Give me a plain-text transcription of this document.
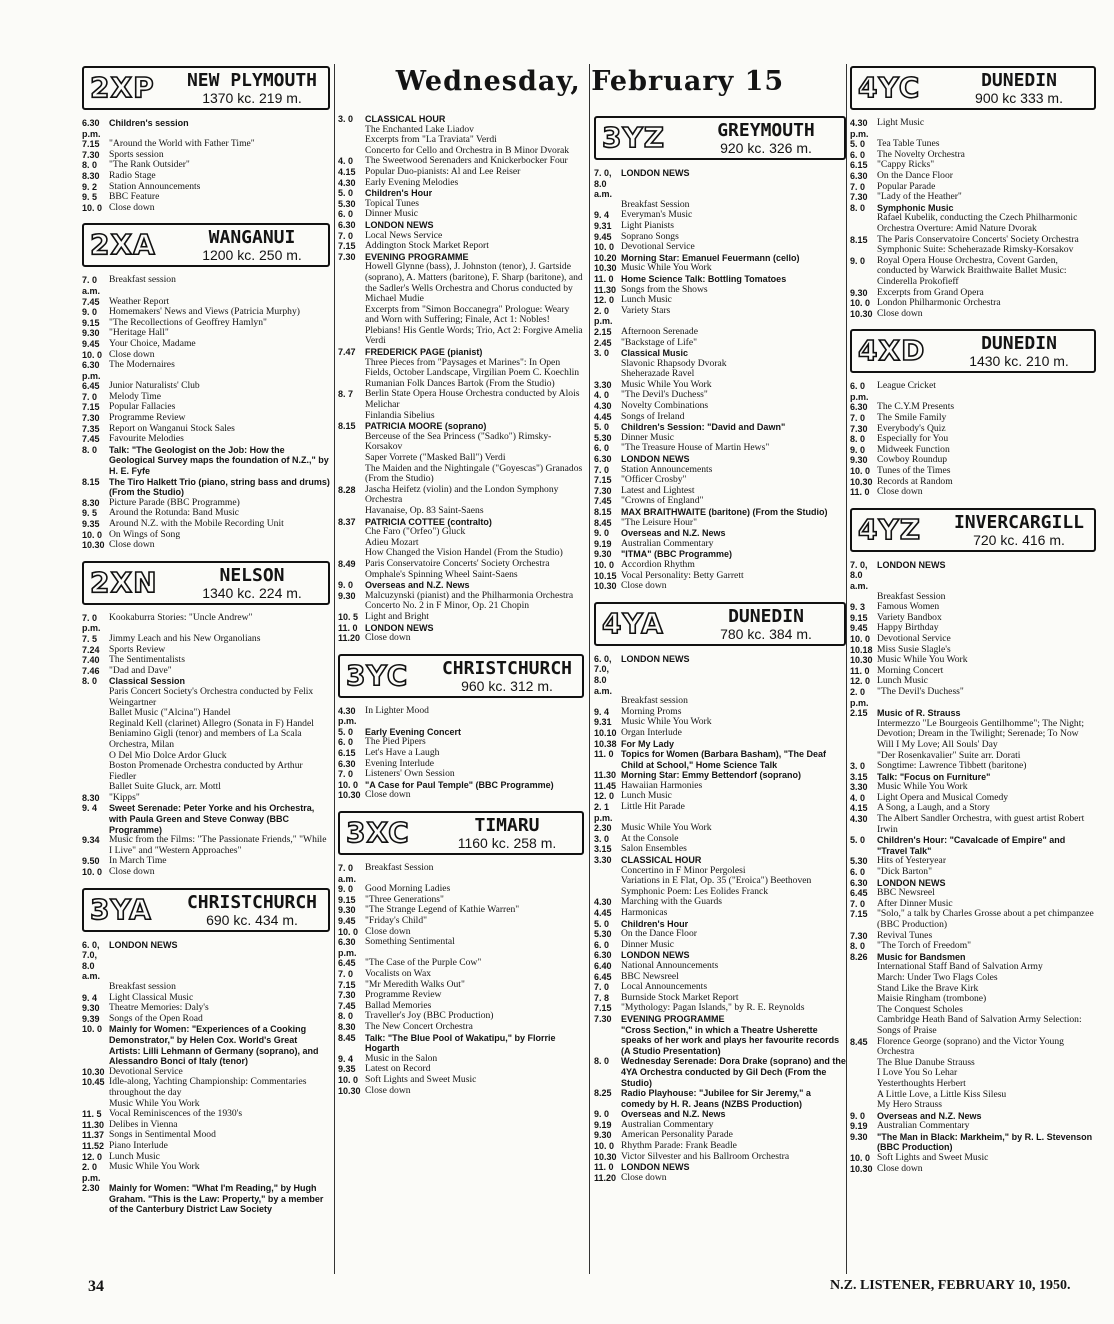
Wednesday, February 15
2XP	NEW PLYMOUTH
1370 kc. 219 m.
6.30 p.m.
Children's session
7.15 "Around the World with Father Time"
7.30 Sports session
8. 0	"The Rank Outsider"
8.30 Radio Stage
9. 2	Station Announcements
9. 5	BBC Feature
10. 0 Close down
2XA	WANGANUI
1200 kc. 250 m.
7. 0 a.m.
Breakfast session
7.45 Weather Report
9. 0	Homemakers' News and Views (Patricia Murphy)
9.15 "The Recollections of Geoffrey Hamlyn"
9.30 "Heritage Hall"
9.45 Your Choice, Madame
10. 0 Close down
6.30 p.m.
The Modernaires
6.45 Junior Naturalists' Club
7. 0	Melody Time
7.15 Popular Fallacies
7.30 Programme Review
7.35 Report on Wanganui Stock Sales
7.45 Favourite Melodies
8. 0	Talk: "The Geologist on the Job: How the Geological Survey maps the foundation of N.Z.," by H. E. Fyfe
8.15	The Tiro Halkett Trio (piano, string bass and drums) (From the Studio)
8.30 Picture Parade (BBC Programme)
9. 5	Around the Rotunda: Band Music
9.35 Around N.Z. with the Mobile Recording Unit
10. 0 On Wings of Song
10.30 Close down
2XN	NELSON
1340 kc. 224 m.
7. 0 p.m.
Kookaburra Stories: "Uncle Andrew"
7. 5	Jimmy Leach and his New Organolians
7.24 Sports Review
7.40 The Sentimentalists
7.46 "Dad and Dave"
8. 0	Classical Session
Paris Concert Society's Orchestra conducted by Felix Weingartner
Ballet Music ("Alcina") Handel
Reginald Kell (clarinet) Allegro (Sonata in F) Handel
Beniamino Gigli (tenor) and members of La Scala Orchestra, Milan
O Del Mio Dolce Ardor Gluck
Boston Promenade Orchestra conducted by Arthur Fiedler
Ballet Suite Gluck, arr. Mottl
8.30 "Kipps"
9. 4	Sweet Serenade: Peter Yorke and his Orchestra, with Paula Green and Steve Conway (BBC Programme)
9.34 Music from the Films: "The Passionate Friends," "While I Live" and "Western Approaches"
9.50 In March Time
10. 0 Close down
3YA	CHRISTCHURCH
690 kc. 434 m.
6. 0, 7.0, 8.0 a.m.
LONDON NEWS
Breakfast session
9. 4	Light Classical Music
9.30 Theatre Memories: Daly's
9.39 Songs of the Open Road
10. 0 Mainly for Women: "Experiences of a Cooking Demonstrator," by Helen Cox. World's Great Artists: Lilli Lehmann of Germany (soprano), and Alessandro Bonci of Italy (tenor)
10.30 Devotional Service
10.45 Idle-along, Yachting Championship: Commentaries throughout the day
Music While You Work
11. 5 Vocal Reminiscences of the 1930's
11.30 Delibes in Vienna
11.37 Songs in Sentimental Mood
11.52 Piano Interlude
12. 0 Lunch Music
2. 0 p.m.
Music While You Work
2.30	Mainly for Women: "What I'm Reading," by Hugh Graham. "This is the Law: Property," by a member of the Canterbury District Law Society
3. 0	CLASSICAL HOUR
The Enchanted Lake Liadov
Excerpts from "La Traviata" Verdi
Concerto for Cello and Orchestra in B Minor Dvorak
4. 0	The Sweetwood Serenaders and Knickerbocker Four
4.15 Popular Duo-pianists: Al and Lee Reiser
4.30 Early Evening Melodies
5. 0	Children's Hour
5.30 Topical Tunes
6. 0	Dinner Music
6.30	LONDON NEWS
7. 0	Local News Service
7.15 Addington Stock Market Report
7.30	EVENING PROGRAMME
Howell Glynne (bass), J. Johnston (tenor), J. Gartside (soprano), A. Matters (baritone), F. Sharp (baritone), and the Sadler's Wells Orchestra and Chorus conducted by Michael Mudie
Excerpts from "Simon Boccanegra" Prologue: Weary and Worn with Suffering; Finale, Act 1: Nobles! Plebians! His Gentle Words; Trio, Act 2: Forgive Amelia Verdi
7.47	FREDERICK PAGE (pianist)
Three Pieces from "Paysages et Marines": In Open Fields, October Landscape, Virgilian Poem C. Koechlin
Rumanian Folk Dances Bartok (From the Studio)
8. 7	Berlin State Opera House Orchestra conducted by Alois Melichar
Finlandia Sibelius
8.15	PATRICIA MOORE (soprano)
Berceuse of the Sea Princess ("Sadko") Rimsky-Korsakov
Saper Vorrete ("Masked Ball") Verdi
The Maiden and the Nightingale ("Goyescas") Granados (From the Studio)
8.28 Jascha Heifetz (violin) and the London Symphony Orchestra
Havanaise, Op. 83 Saint-Saens
8.37	PATRICIA COTTEE (contralto)
Che Faro ("Orfeo") Gluck
Adieu Mozart
How Changed the Vision Handel (From the Studio)
8.49 Paris Conservatoire Concerts' Society Orchestra
Omphale's Spinning Wheel Saint-Saens
9. 0	Overseas and N.Z. News
9.30 Malcuzynski (pianist) and the Philharmonia Orchestra
Concerto No. 2 in F Minor, Op. 21 Chopin
10. 5 Light and Bright
11. 0 LONDON NEWS
11.20 Close down
3YC	CHRISTCHURCH
960 kc. 312 m.
4.30 p.m.
In Lighter Mood
5. 0	Early Evening Concert
6. 0	The Pied Pipers
6.15 Let's Have a Laugh
6.30 Evening Interlude
7. 0	Listeners' Own Session
10. 0 "A Case for Paul Temple" (BBC Programme)
10.30 Close down
3XC	TIMARU
1160 kc. 258 m.
7. 0 a.m.
Breakfast Session
9. 0	Good Morning Ladies
9.15 "Three Generations"
9.30 "The Strange Legend of Kathie Warren"
9.45 "Friday's Child"
10. 0 Close down
6.30 p.m.
Something Sentimental
6.45 "The Case of the Purple Cow"
7. 0	Vocalists on Wax
7.15 "Mr Meredith Walks Out"
7.30 Programme Review
7.45 Ballad Memories
8. 0	Traveller's Joy (BBC Production)
8.30 The New Concert Orchestra
8.45	Talk: "The Blue Pool of Wakatipu," by Florrie Hogarth
9. 4	Music in the Salon
9.35 Latest on Record
10. 0 Soft Lights and Sweet Music
10.30 Close down
3YZ	GREYMOUTH
920 kc. 326 m.
7. 0, 8.0 a.m.
LONDON NEWS
Breakfast Session
9. 4	Everyman's Music
9.31 Light Pianists
9.45 Soprano Songs
10. 0 Devotional Service
10.20 Morning Star: Emanuel Feuermann (cello)
10.30 Music While You Work
11. 0 Home Science Talk: Bottling Tomatoes
11.30 Songs from the Shows
12. 0 Lunch Music
2. 0 p.m.
Variety Stars
2.15 Afternoon Serenade
2.45 "Backstage of Life"
3. 0	Classical Music
Slavonic Rhapsody Dvorak
Sheherazade Ravel
3.30 Music While You Work
4. 0	"The Devil's Duchess"
4.30 Novelty Combinations
4.45 Songs of Ireland
5. 0	Children's Session: "David and Dawn"
5.30 Dinner Music
6. 0	"The Treasure House of Martin Hews"
6.30	LONDON NEWS
7. 0	Station Announcements
7.15 "Officer Crosby"
7.30 Latest and Lightest
7.45 "Crowns of England"
8.15	MAX BRAITHWAITE (baritone) (From the Studio)
8.45 "The Leisure Hour"
9. 0	Overseas and N.Z. News
9.19 Australian Commentary
9.30	"ITMA" (BBC Programme)
10. 0 Accordion Rhythm
10.15 Vocal Personality: Betty Garrett
10.30 Close down
4YA	DUNEDIN
780 kc. 384 m.
6. 0, 7.0, 8.0 a.m.
LONDON NEWS
Breakfast session
9. 4	Morning Proms
9.31 Music While You Work
10.10 Organ Interlude
10.38 For My Lady
11. 0 Topics for Women (Barbara Basham), "The Deaf Child at School," Home Science Talk
11.30 Morning Star: Emmy Bettendorf (soprano)
11.45 Hawaiian Harmonies
12. 0 Lunch Music
2. 1 p.m.
Little Hit Parade
2.30 Music While You Work
3. 0	At the Console
3.15 Salon Ensembles
3.30	CLASSICAL HOUR
Concertino in F Minor Pergolesi
Variations in E Flat, Op. 35 ("Eroica") Beethoven
Symphonic Poem: Les Eolides Franck
4.30 Marching with the Guards
4.45 Harmonicas
5. 0	Children's Hour
5.30 On the Dance Floor
6. 0	Dinner Music
6.30	LONDON NEWS
6.40 National Announcements
6.45 BBC Newsreel
7. 0	Local Announcements
7. 8	Burnside Stock Market Report
7.15 "Mythology: Pagan Islands," by R. E. Reynolds
7.30	EVENING PROGRAMME
"Cross Section," in which a Theatre Usherette speaks of her work and plays her favourite records (A Studio Presentation)
8. 0	Wednesday Serenade: Dora Drake (soprano) and the 4YA Orchestra conducted by Gil Dech (From the Studio)
8.25	Radio Playhouse: "Jubilee for Sir Jeremy," a comedy by H. R. Jeans (NZBS Production)
9. 0	Overseas and N.Z. News
9.19 Australian Commentary
9.30 American Personality Parade
10. 0 Rhythm Parade: Frank Beadle
10.30 Victor Silvester and his Ballroom Orchestra
11. 0 LONDON NEWS
11.20 Close down
4YC	DUNEDIN
900 kc 333 m.
4.30 p.m.
Light Music
5. 0	Tea Table Tunes
6. 0	The Novelty Orchestra
6.15 "Cappy Ricks"
6.30 On the Dance Floor
7. 0	Popular Parade
7.30 "Lady of the Heather"
8. 0	Symphonic Music
Rafael Kubelik, conducting the Czech Philharmonic Orchestra Overture: Amid Nature Dvorak
8.15 The Paris Conservatoire Concerts' Society Orchestra Symphonic Suite: Scheherazade Rimsky-Korsakov
9. 0	Royal Opera House Orchestra, Covent Garden, conducted by Warwick Braithwaite Ballet Music: Cinderella Prokofieff
9.30 Excerpts from Grand Opera
10. 0 London Philharmonic Orchestra
10.30 Close down
4XD	DUNEDIN
1430 kc. 210 m.
6. 0 p.m.
League Cricket
6.30 The C.Y.M Presents
7. 0	The Smile Family
7.30 Everybody's Quiz
8. 0	Especially for You
9. 0	Midweek Function
9.30 Cowboy Roundup
10. 0 Tunes of the Times
10.30 Records at Random
11. 0 Close down
4YZ	INVERCARGILL
720 kc. 416 m.
7. 0, 8.0 a.m.
LONDON NEWS
Breakfast Session
9. 3	Famous Women
9.15 Variety Bandbox
9.45 Happy Birthday
10. 0 Devotional Service
10.18 Miss Susie Slagle's
10.30 Music While You Work
11. 0 Morning Concert
12. 0 Lunch Music
2. 0 p.m.
"The Devil's Duchess"
2.15	Music of R. Strauss
Intermezzo "Le Bourgeois Gentilhomme"; The Night; Devotion; Dream in the Twilight; Serenade; To Now Will I My Love; All Souls' Day
"Der Rosenkavalier" Suite arr. Dorati
3. 0	Songtime: Lawrence Tibbett (baritone)
3.15	Talk: "Focus on Furniture"
3.30 Music While You Work
4. 0	Light Opera and Musical Comedy
4.15 A Song, a Laugh, and a Story
4.30 The Albert Sandler Orchestra, with guest artist Robert Irwin
5. 0	Children's Hour: "Cavalcade of Empire" and "Travel Talk"
5.30 Hits of Yesteryear
6. 0	"Dick Barton"
6.30	LONDON NEWS
6.45 BBC Newsreel
7. 0	After Dinner Music
7.15 "Solo," a talk by Charles Grosse about a pet chimpanzee (BBC Production)
7.30 Revival Tunes
8. 0	"The Torch of Freedom"
8.26	Music for Bandsmen
International Staff Band of Salvation Army
March: Under Two Flags Coles
Stand Like the Brave Kirk
Maisie Ringham (trombone)
The Conquest Scholes
Cambridge Heath Band of Salvation Army Selection: Songs of Praise
8.45 Florence George (soprano) and the Victor Young Orchestra
The Blue Danube Strauss
I Love You So Lehar
Yesterthoughts Herbert
A Little Love, a Little Kiss Silesu
My Hero Strauss
9. 0	Overseas and N.Z. News
9.19 Australian Commentary
9.30	"The Man in Black: Markheim," by R. L. Stevenson (BBC Production)
10. 0 Soft Lights and Sweet Music
10.30 Close down
34	N.Z. LISTENER, FEBRUARY 10, 1950.
